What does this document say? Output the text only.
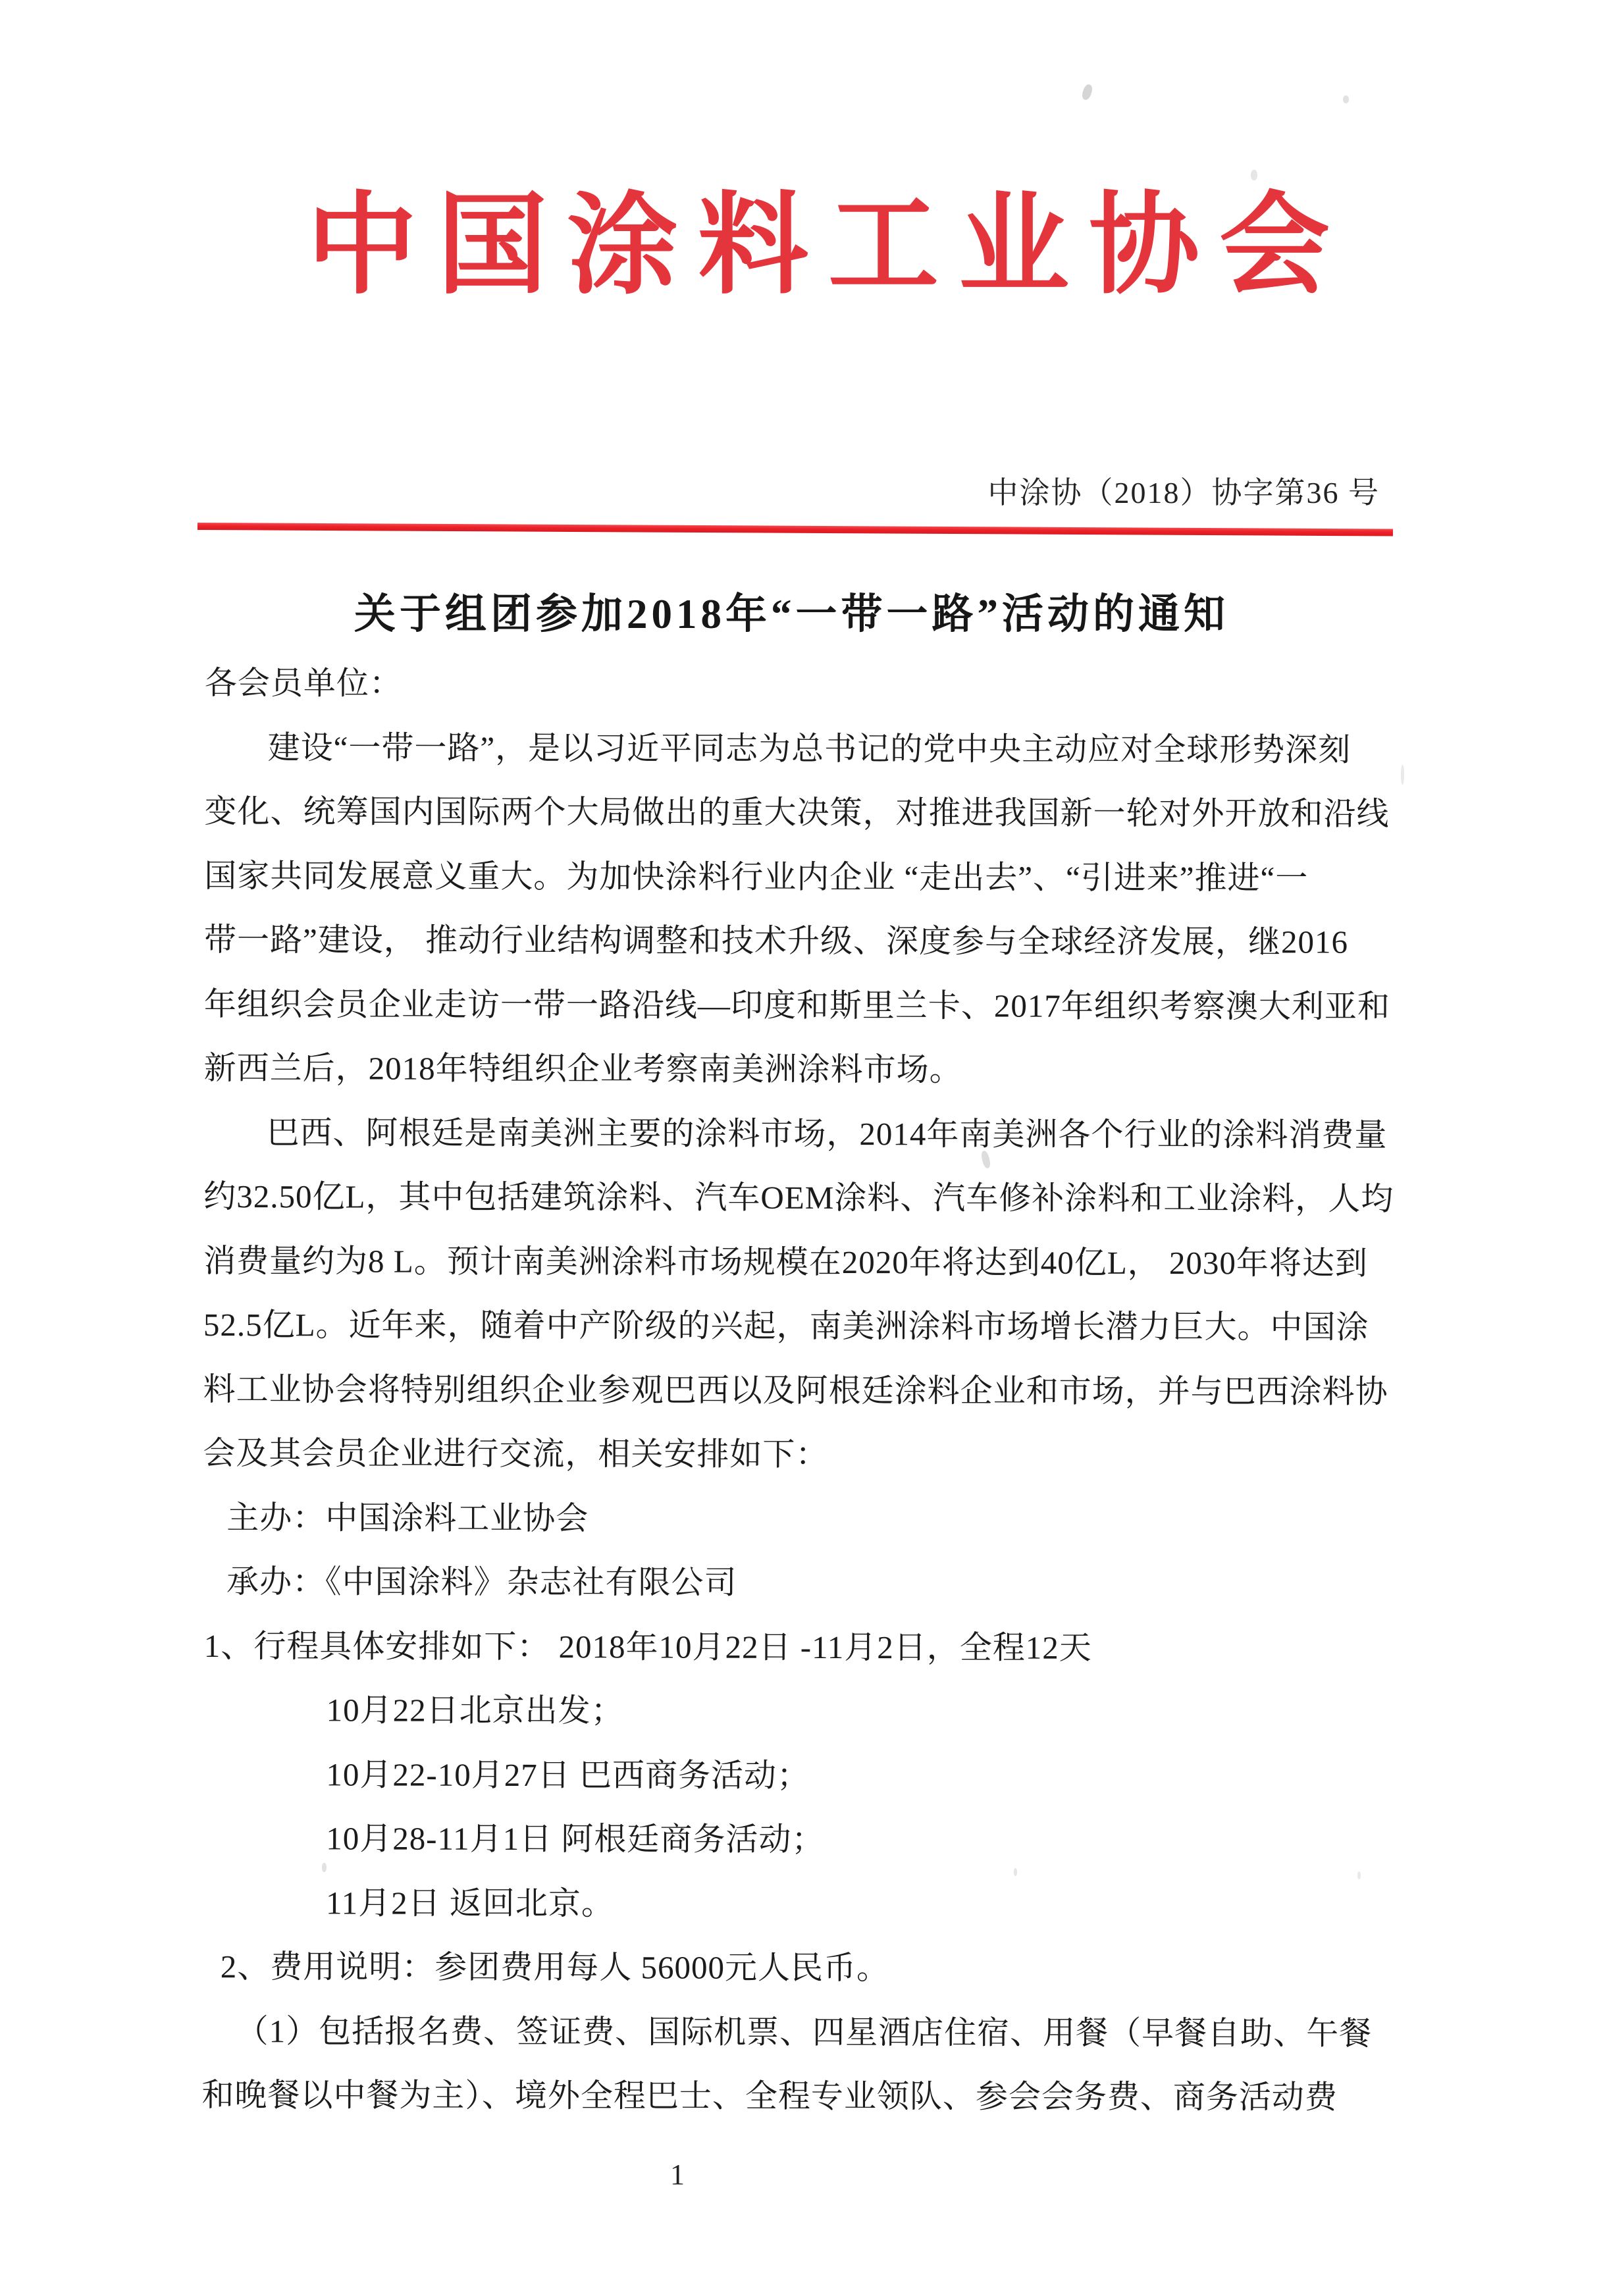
中国涂料工业协会
中涂协（2018）协字第36 号
关于组团参加2018年“一带一路”活动的通知
各会员单位：
建设“一带一路”，是以习近平同志为总书记的党中央主动应对全球形势深刻
变化、统筹国内国际两个大局做出的重大决策，对推进我国新一轮对外开放和沿线
国家共同发展意义重大。为加快涂料行业内企业 “走出去”、“引进来”推进“一
带一路”建设， 推动行业结构调整和技术升级、深度参与全球经济发展，继2016
年组织会员企业走访一带一路沿线—印度和斯里兰卡、2017年组织考察澳大利亚和
新西兰后，2018年特组织企业考察南美洲涂料市场。
巴西、阿根廷是南美洲主要的涂料市场，2014年南美洲各个行业的涂料消费量
约32.50亿L，其中包括建筑涂料、汽车OEM涂料、汽车修补涂料和工业涂料，人均
消费量约为8 L。预计南美洲涂料市场规模在2020年将达到40亿L， 2030年将达到
52.5亿L。近年来，随着中产阶级的兴起，南美洲涂料市场增长潜力巨大。中国涂
料工业协会将特别组织企业参观巴西以及阿根廷涂料企业和市场，并与巴西涂料协
会及其会员企业进行交流，相关安排如下：
主办：中国涂料工业协会
承办：《中国涂料》杂志社有限公司
1、行程具体安排如下： 2018年10月22日 -11月2日，全程12天
10月22日北京出发；
10月22-10月27日 巴西商务活动；
10月28-11月1日 阿根廷商务活动；
11月2日 返回北京。
2、费用说明：参团费用每人 56000元人民币。
（1）包括报名费、签证费、国际机票、四星酒店住宿、用餐（早餐自助、午餐
和晚餐以中餐为主）、境外全程巴士、全程专业领队、参会会务费、商务活动费
1
